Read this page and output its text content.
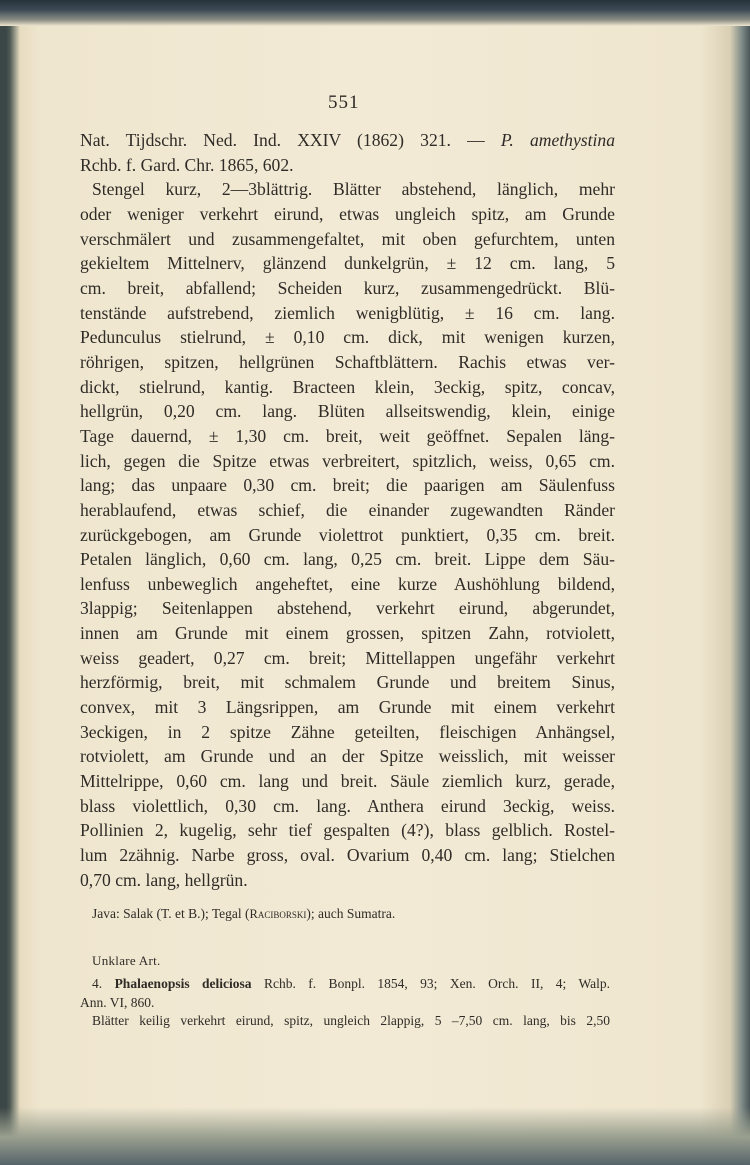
551
Nat. Tijdschr. Ned. Ind. XXIV (1862) 321. — P. amethystina
Rchb. f. Gard. Chr. 1865, 602.
Stengel kurz, 2—3blättrig. Blätter abstehend, länglich, mehr
oder weniger verkehrt eirund, etwas ungleich spitz, am Grunde
verschmälert und zusammengefaltet, mit oben gefurchtem, unten
gekieltem Mittelnerv, glänzend dunkelgrün, ± 12 cm. lang, 5
cm. breit, abfallend; Scheiden kurz, zusammengedrückt. Blü-
tenstände aufstrebend, ziemlich wenigblütig, ± 16 cm. lang.
Pedunculus stielrund, ± 0,10 cm. dick, mit wenigen kurzen,
röhrigen, spitzen, hellgrünen Schaftblättern. Rachis etwas ver-
dickt, stielrund, kantig. Bracteen klein, 3eckig, spitz, concav,
hellgrün, 0,20 cm. lang. Blüten allseitswendig, klein, einige
Tage dauernd, ± 1,30 cm. breit, weit geöffnet. Sepalen läng-
lich, gegen die Spitze etwas verbreitert, spitzlich, weiss, 0,65 cm.
lang; das unpaare 0,30 cm. breit; die paarigen am Säulenfuss
herablaufend, etwas schief, die einander zugewandten Ränder
zurückgebogen, am Grunde violettrot punktiert, 0,35 cm. breit.
Petalen länglich, 0,60 cm. lang, 0,25 cm. breit. Lippe dem Säu-
lenfuss unbeweglich angeheftet, eine kurze Aushöhlung bildend,
3lappig; Seitenlappen abstehend, verkehrt eirund, abgerundet,
innen am Grunde mit einem grossen, spitzen Zahn, rotviolett,
weiss geadert, 0,27 cm. breit; Mittellappen ungefähr verkehrt
herzförmig, breit, mit schmalem Grunde und breitem Sinus,
convex, mit 3 Längsrippen, am Grunde mit einem verkehrt
3eckigen, in 2 spitze Zähne geteilten, fleischigen Anhängsel,
rotviolett, am Grunde und an der Spitze weisslich, mit weisser
Mittelrippe, 0,60 cm. lang und breit. Säule ziemlich kurz, gerade,
blass violettlich, 0,30 cm. lang. Anthera eirund 3eckig, weiss.
Pollinien 2, kugelig, sehr tief gespalten (4?), blass gelblich. Rostel-
lum 2zähnig. Narbe gross, oval. Ovarium 0,40 cm. lang; Stielchen
0,70 cm. lang, hellgrün.
Java: Salak (T. et B.); Tegal (Raciborski); auch Sumatra.
Unklare Art.
4. Phalaenopsis deliciosa Rchb. f. Bonpl. 1854, 93; Xen. Orch. II, 4; Walp.
Ann. VI, 860.
Blätter keilig verkehrt eirund, spitz, ungleich 2lappig, 5 –7,50 cm. lang, bis 2,50
